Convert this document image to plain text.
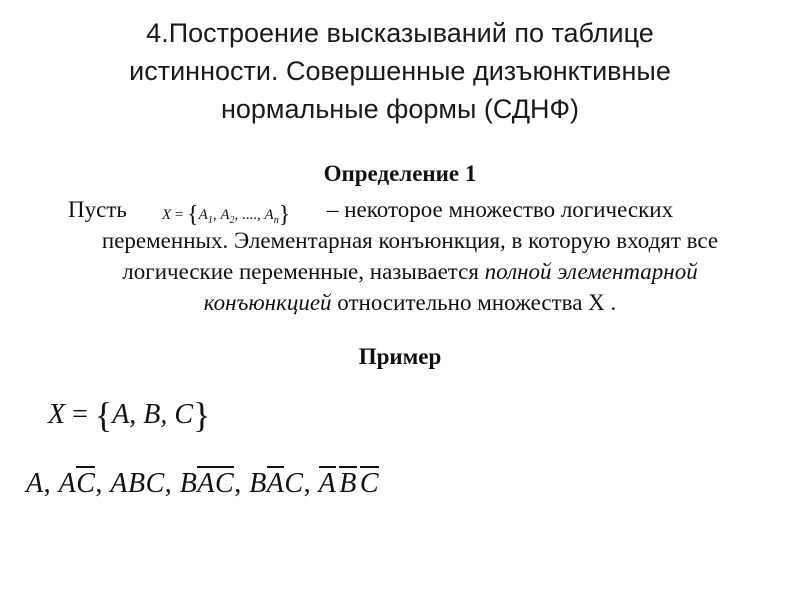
4.Построение высказываний по таблице
истинности. Совершенные дизъюнктивные
нормальные формы (СДНФ)
Определение 1
Пусть $X = \{A_1$, $A_2$, ...., $A_n$} – некоторое множество логических
переменных. Элементарная конъюнкция, в которую входят все
логические переменные, называется полной элементарной
конъюнкцией относительно множества X .
Пример
X = {A, B, C}
A, AC, ABC, BAC, BAC, A B C
